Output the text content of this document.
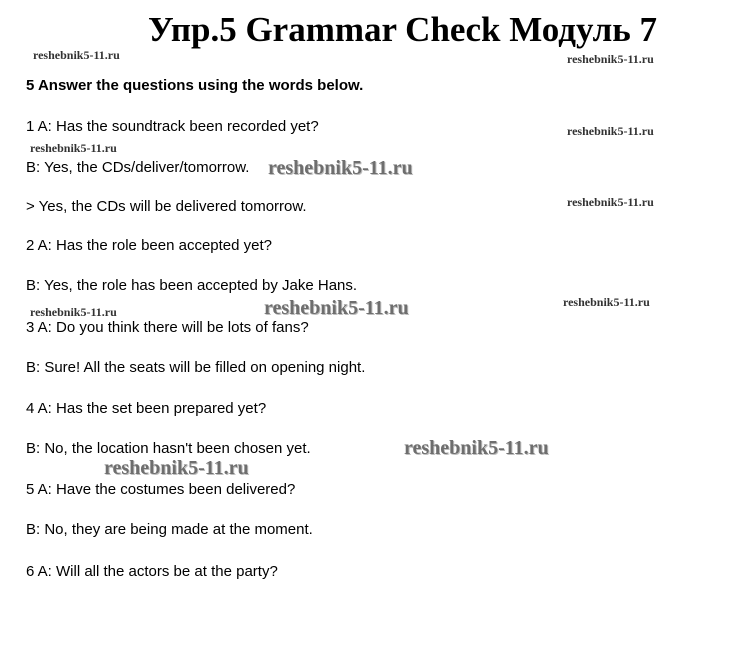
Упр.5 Grammar Check Модуль 7
5 Answer the questions using the words below.
1 A: Has the soundtrack been recorded yet?
B: Yes, the CDs/deliver/tomorrow.
> Yes, the CDs will be delivered tomorrow.
2 A: Has the role been accepted yet?
B: Yes, the role has been accepted by Jake Hans.
3 A: Do you think there will be lots of fans?
B: Sure! All the seats will be filled on opening night.
4 A: Has the set been prepared yet?
B: No, the location hasn't been chosen yet.
5 A: Have the costumes been delivered?
B: No, they are being made at the moment.
6 A: Will all the actors be at the party?
reshebnik5-11.ru	reshebnik5-11.ru
reshebnik5-11.ru
reshebnik5-11.ru
reshebnik5-11.ru
reshebnik5-11.ru
reshebnik5-11.ru
reshebnik5-11.ru	reshebnik5-11.ru
reshebnik5-11.ru
reshebnik5-11.ru
